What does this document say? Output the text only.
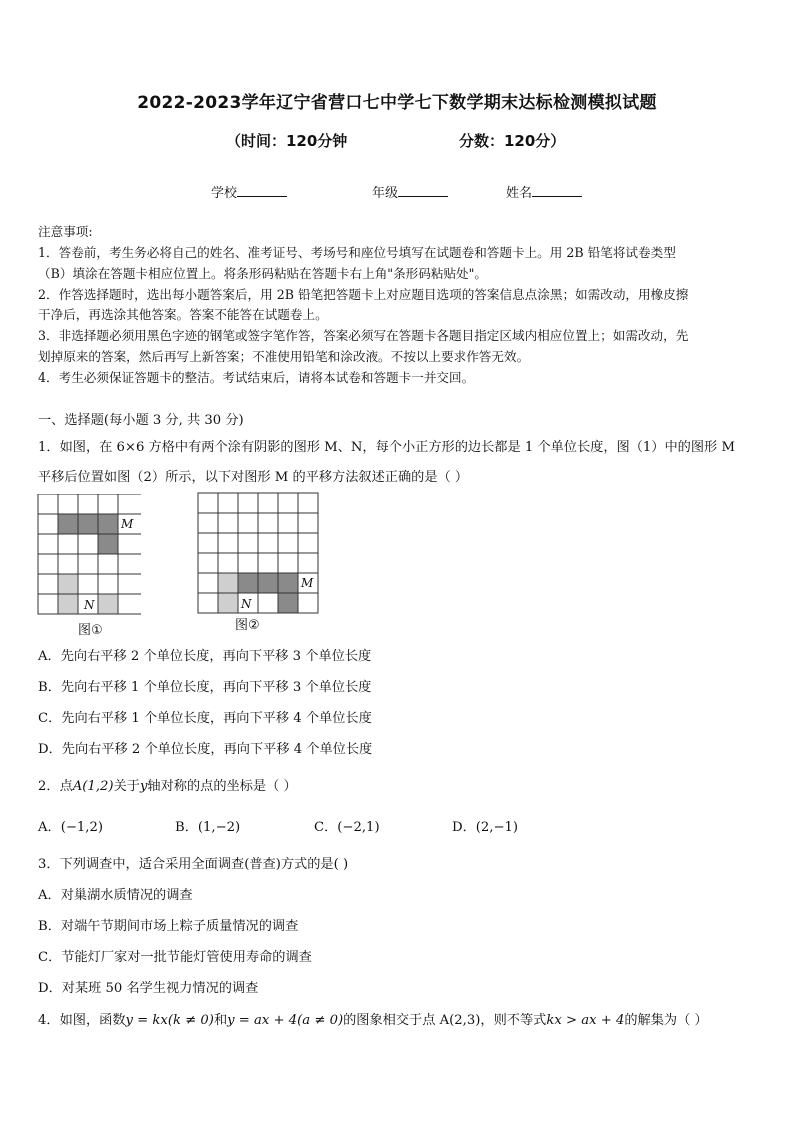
2022-2023学年辽宁省营口七中学七下数学期末达标检测模拟试题
（时间：120分钟	分数：120分）
学校	年级	姓名
注意事项:
1．答卷前，考生务必将自己的姓名、准考证号、考场号和座位号填写在试题卷和答题卡上。用 2B 铅笔将试卷类型
（B）填涂在答题卡相应位置上。将条形码粘贴在答题卡右上角"条形码粘贴处"。
2．作答选择题时，选出每小题答案后，用 2B 铅笔把答题卡上对应题目选项的答案信息点涂黑；如需改动，用橡皮擦
干净后，再选涂其他答案。答案不能答在试题卷上。
3．非选择题必须用黑色字迹的钢笔或签字笔作答，答案必须写在答题卡各题目指定区域内相应位置上；如需改动，先
划掉原来的答案，然后再写上新答案；不准使用铅笔和涂改液。不按以上要求作答无效。
4．考生必须保证答题卡的整洁。考试结束后，请将本试卷和答题卡一并交回。
一、选择题(每小题 3 分, 共 30 分)
1．如图，在 6×6 方格中有两个涂有阴影的图形 M、N，每个小正方形的边长都是 1 个单位长度，图（1）中的图形 M
平移后位置如图（2）所示，以下对图形 M 的平移方法叙述正确的是（ ）
M
N
图①
M
N
图②
A．先向右平移 2 个单位长度，再向下平移 3 个单位长度
B．先向右平移 1 个单位长度，再向下平移 3 个单位长度
C．先向右平移 1 个单位长度，再向下平移 4 个单位长度
D．先向右平移 2 个单位长度，再向下平移 4 个单位长度
2．点A(1,2)关于y轴对称的点的坐标是（ ）
A．(−1,2)	B．(1,−2)	C．(−2,1)	D．(2,−1)
3．下列调查中，适合采用全面调查(普查)方式的是( )
A．对巢湖水质情况的调查
B．对端午节期间市场上粽子质量情况的调查
C．节能灯厂家对一批节能灯管使用寿命的调查
D．对某班 50 名学生视力情况的调查
4．如图，函数y = kx(k ≠ 0)和y = ax + 4(a ≠ 0)的图象相交于点 A(2,3)，则不等式kx > ax + 4的解集为（ ）
